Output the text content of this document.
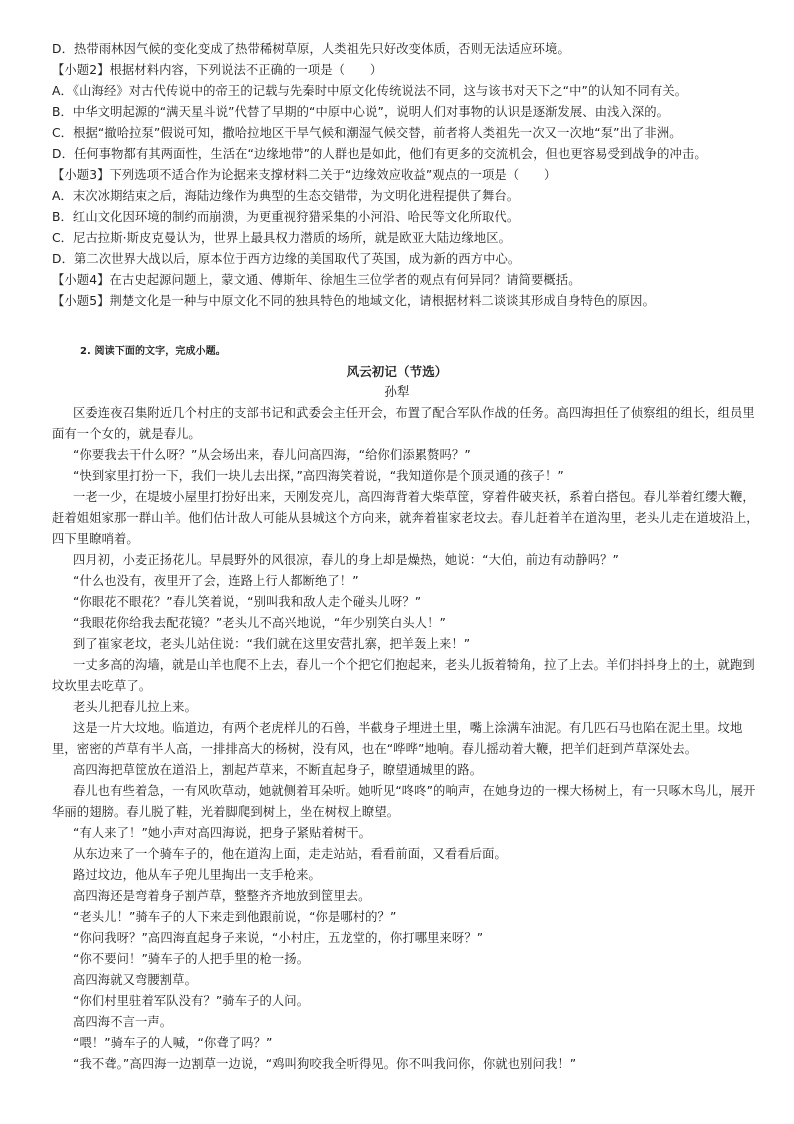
D．热带雨林因气候的变化变成了热带稀树草原，人类祖先只好改变体质，否则无法适应环境。
【小题2】根据材料内容，下列说法不正确的一项是（　　）
A．《山海经》对古代传说中的帝王的记载与先秦时中原文化传统说法不同，这与该书对天下之“中”的认知不同有关。
B．中华文明起源的“满天星斗说”代替了早期的“中原中心说”，说明人们对事物的认识是逐渐发展、由浅入深的。
C．根据“撤哈拉泵”假说可知，撒哈拉地区干旱气候和潮湿气候交替，前者将人类祖先一次又一次地“泵”出了非洲。
D．任何事物都有其两面性，生活在“边缘地带”的人群也是如此，他们有更多的交流机会，但也更容易受到战争的冲击。
【小题3】下列选项不适合作为论据来支撑材料二关于“边缘效应收益”观点的一项是（　　）
A．末次冰期结束之后，海陆边缘作为典型的生态交错带，为文明化进程提供了舞台。
B．红山文化因环境的制约而崩溃，为更重视狩猎采集的小河沿、哈民等文化所取代。
C．尼古拉斯·斯皮克曼认为，世界上最具权力潜质的场所，就是欧亚大陆边缘地区。
D．第二次世界大战以后，原本位于西方边缘的美国取代了英国，成为新的西方中心。
【小题4】在古史起源问题上，蒙文通、傅斯年、徐旭生三位学者的观点有何异同？请简要概括。
【小题5】荆楚文化是一种与中原文化不同的独具特色的地域文化，请根据材料二谈谈其形成自身特色的原因。
2. 阅读下面的文字，完成小题。
风云初记（节选）
孙犁
区委连夜召集附近几个村庄的支部书记和武委会主任开会，布置了配合军队作战的任务。高四海担任了侦察组的组长，组员里
面有一个女的，就是春儿。
“你要我去干什么呀？”从会场出来，春儿问高四海，“给你们添累赘吗？”
“快到家里打扮一下，我们一块儿去出探，”高四海笑着说，“我知道你是个顶灵通的孩子！”
一老一少，在堤坡小屋里打扮好出来，天刚发亮儿，高四海背着大柴草筐，穿着件破夹袄，系着白搭包。春儿举着红缨大鞭，
赶着姐姐家那一群山羊。他们估计敌人可能从县城这个方向来，就奔着崔家老坟去。春儿赶着羊在道沟里，老头儿走在道坡沿上，
四下里瞭哨着。
四月初，小麦正扬花儿。早晨野外的风很凉，春儿的身上却是燥热，她说：“大伯，前边有动静吗？”
“什么也没有，夜里开了会，连路上行人都断绝了！”
“你眼花不眼花？”春儿笑着说，“别叫我和敌人走个碰头儿呀？”
“我眼花你给我去配花镜？”老头儿不高兴地说，“年少别笑白头人！”
到了崔家老坟，老头儿站住说：“我们就在这里安营扎寨，把羊轰上来！”
一丈多高的沟墙，就是山羊也爬不上去，春儿一个个把它们抱起来，老头儿扳着犄角，拉了上去。羊们抖抖身上的土，就跑到
坟坎里去吃草了。
老头儿把春儿拉上来。
这是一片大坟地。临道边，有两个老虎样儿的石兽，半截身子埋进土里，嘴上涂满车油泥。有几匹石马也陷在泥土里。坟地
里，密密的芦草有半人高，一排排高大的杨树，没有风，也在“哗哗”地响。春儿摇动着大鞭，把羊们赶到芦草深处去。
高四海把草筐放在道沿上，割起芦草来，不断直起身子，瞭望通城里的路。
春儿也有些着急，一有风吹草动，她就侧着耳朵听。她听见“咚咚”的响声，在她身边的一棵大杨树上，有一只啄木鸟儿，展开
华丽的翅膀。春儿脱了鞋，光着脚爬到树上，坐在树杈上瞭望。
“有人来了！”她小声对高四海说，把身子紧贴着树干。
从东边来了一个骑车子的，他在道沟上面，走走站站，看看前面，又看看后面。
路过坟边，他从车子兜儿里掏出一支手枪来。
高四海还是弯着身子割芦草，整整齐齐地放到筐里去。
“老头儿！”骑车子的人下来走到他跟前说，“你是哪村的？”
“你问我呀？”高四海直起身子来说，“小村庄，五龙堂的，你打哪里来呀？”
“你不要问！”骑车子的人把手里的枪一扬。
高四海就又弯腰割草。
“你们村里驻着军队没有？”骑车子的人问。
高四海不言一声。
“喂！”骑车子的人喊，“你聋了吗？”
“我不聋。”高四海一边割草一边说，“鸡叫狗咬我全听得见。你不叫我问你，你就也别问我！”
